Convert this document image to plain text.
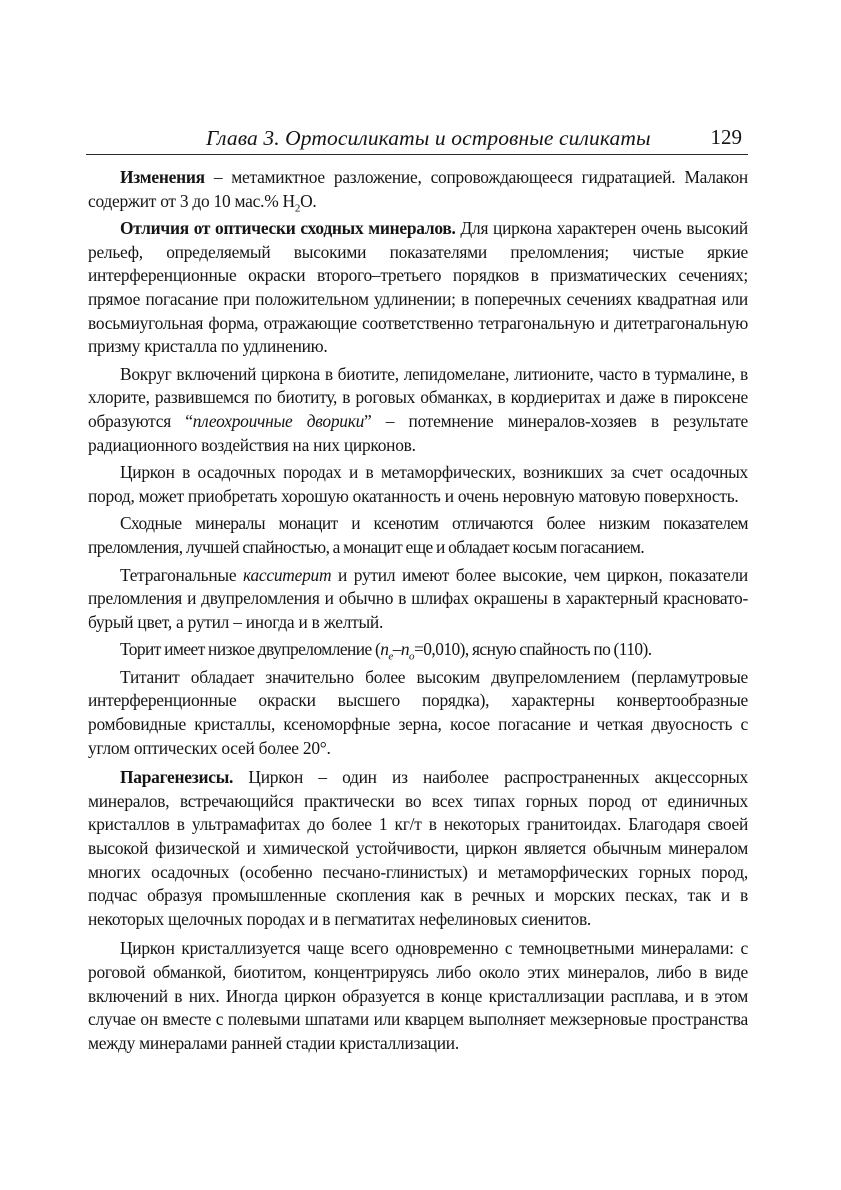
Глава 3. Ортосиликаты и островные силикаты	129

Изменения – метамиктное разложение, сопровождающееся гидратацией. Малакон содержит от 3 до 10 мас.% $H_2O$.

Отличия от оптически сходных минералов. Для циркона характерен очень высокий рельеф, определяемый высокими показателями преломления; чистые яркие интерференционные окраски второго–третьего порядков в призматических сечениях; прямое погасание при положительном удлинении; в поперечных сечениях квадратная или восьмиугольная форма, отражающие соответственно тетрагональную и дитетрагональную призму кристалла по удлинению.

Вокруг включений циркона в биотите, лепидомелане, литионите, часто в турмалине, в хлорите, развившемся по биотиту, в роговых обманках, в кордиеритах и даже в пироксене образуются “плеохроичные дворики” – потемнение минералов-хозяев в результате радиационного воздействия на них цирконов.

Циркон в осадочных породах и в метаморфических, возникших за счет осадочных пород, может приобретать хорошую окатанность и очень неровную матовую поверхность.

Сходные минералы монацит и ксенотим отличаются более низким показателем преломления, лучшей спайностью, а монацит еще и обладает косым погасанием.

Тетрагональные касситерит и рутил имеют более высокие, чем циркон, показатели преломления и двупреломления и обычно в шлифах окрашены в характерный красновато-бурый цвет, а рутил – иногда и в желтый.

Торит имеет низкое двупреломление $(n_e-n_o=0,010)$, ясную спайность по (110).

Титанит обладает значительно более высоким двупреломлением (перламутровые интерференционные окраски высшего порядка), характерны конвертообразные ромбовидные кристаллы, ксеноморфные зерна, косое погасание и четкая двуосность с углом оптических осей более 20°.

Парагенезисы. Циркон – один из наиболее распространенных акцессорных минералов, встречающийся практически во всех типах горных пород от единичных кристаллов в ультрамафитах до более 1 кг/т в некоторых гранитоидах. Благодаря своей высокой физической и химической устойчивости, циркон является обычным минералом многих осадочных (особенно песчано-глинистых) и метаморфических горных пород, подчас образуя промышленные скопления как в речных и морских песках, так и в некоторых щелочных породах и в пегматитах нефелиновых сиенитов.

Циркон кристаллизуется чаще всего одновременно с темноцветными минералами: с роговой обманкой, биотитом, концентрируясь либо около этих минералов, либо в виде включений в них. Иногда циркон образуется в конце кристаллизации расплава, и в этом случае он вместе с полевыми шпатами или кварцем выполняет межзерновые пространства между минералами ранней стадии кристаллизации.
